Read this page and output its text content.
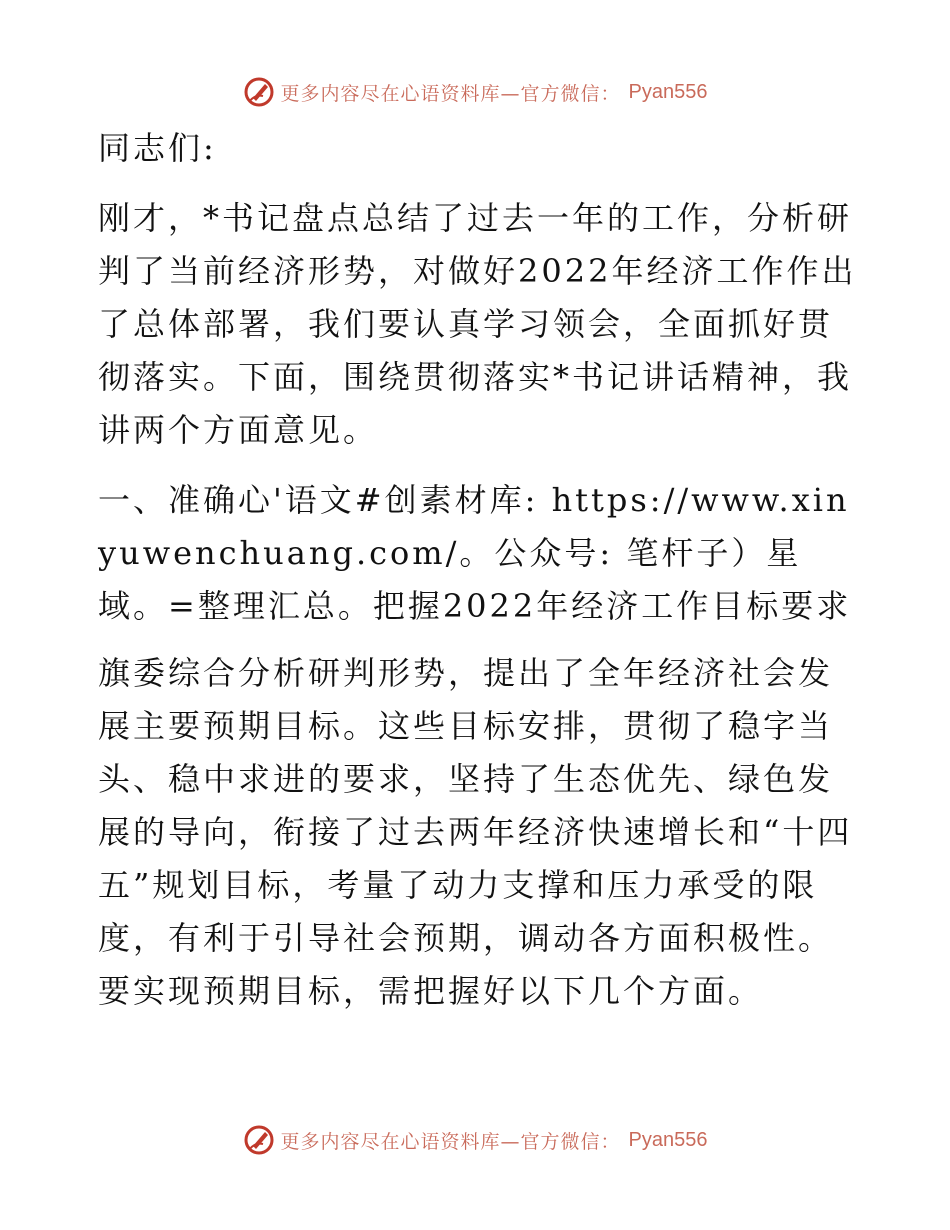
更多内容尽在心语资料库—官方微信： Pyan556

同志们:

刚才，*书记盘点总结了过去一年的工作，分析研判了当前经济形势，对做好2022年经济工作作出了总体部署，我们要认真学习领会，全面抓好贯彻落实。下面，围绕贯彻落实*书记讲话精神，我讲两个方面意见。

一、准确心'语文#创素材库: https://www.xinyuwenchuang.com/。公众号: 笔杆子）星域。=整理汇总。把握2022年经济工作目标要求

旗委综合分析研判形势，提出了全年经济社会发展主要预期目标。这些目标安排，贯彻了稳字当头、稳中求进的要求，坚持了生态优先、绿色发展的导向，衔接了过去两年经济快速增长和“十四五”规划目标，考量了动力支撑和压力承受的限度，有利于引导社会预期，调动各方面积极性。要实现预期目标，需把握好以下几个方面。

更多内容尽在心语资料库—官方微信： Pyan556
